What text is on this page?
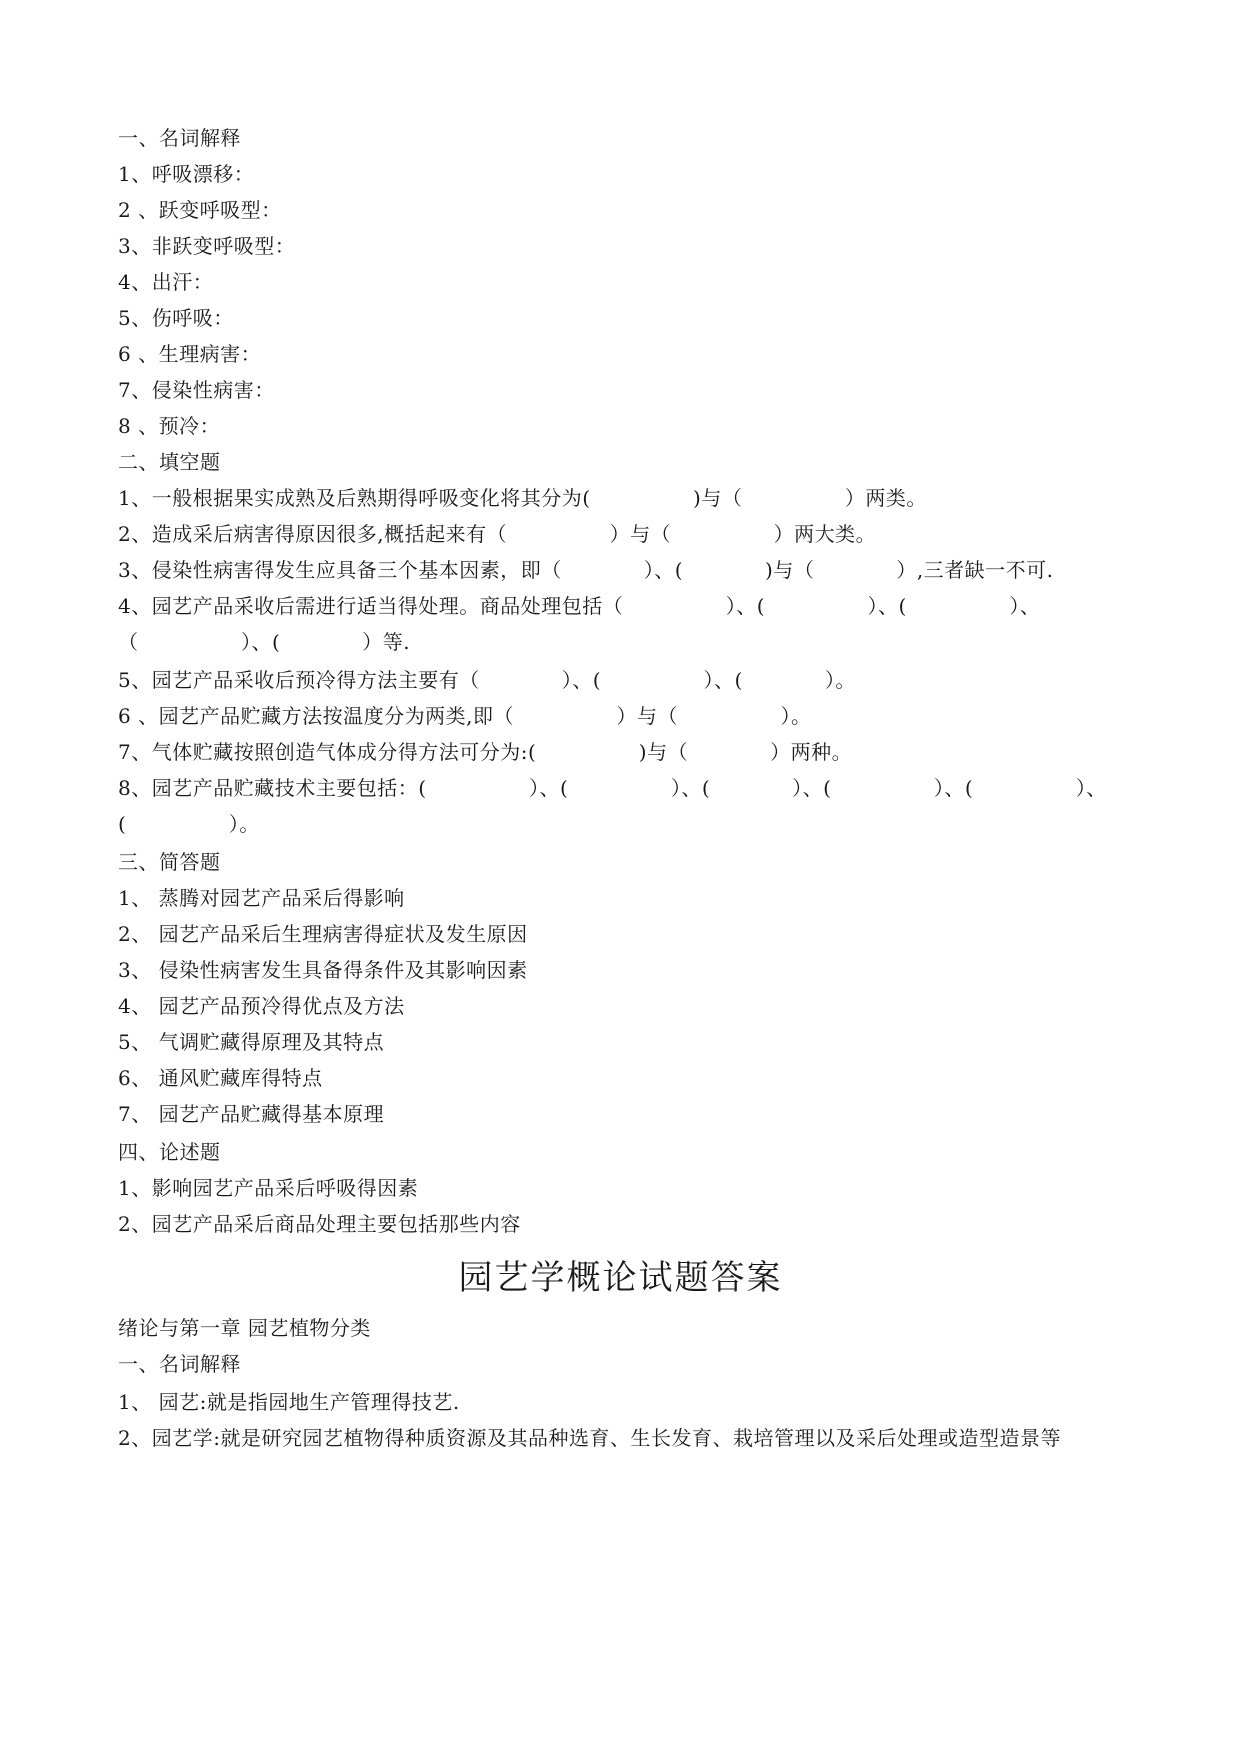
一、名词解释
1、呼吸漂移：
2 、跃变呼吸型：
3、非跃变呼吸型：
4、出汗：
5、伤呼吸：
6 、生理病害：
7、侵染性病害：
8 、预冷：
二、填空题
1、一般根据果实成熟及后熟期得呼吸变化将其分为(　　　　　)与（　　　　　）两类。
2、造成采后病害得原因很多,概括起来有（　　　　　）与（　　　　　）两大类。
3、侵染性病害得发生应具备三个基本因素，即（　　　　）、(　　　　)与（　　　　）,三者缺一不可.
4、园艺产品采收后需进行适当得处理。商品处理包括（　　　　　）、(　　　　　）、(　　　　　）、
（　　　　　）、(　　　　）等.
5、园艺产品采收后预冷得方法主要有（　　　　）、(　　　　　）、(　　　　）。
6 、园艺产品贮藏方法按温度分为两类,即（　　　　　）与（　　　　　）。
7、气体贮藏按照创造气体成分得方法可分为:(　　　　　)与（　　　　）两种。
8、园艺产品贮藏技术主要包括：(　　　　　）、(　　　　　）、(　　　　）、(　　　　　）、(　　　　　）、
(　　　　　）。
三、简答题
1、 蒸腾对园艺产品采后得影响
2、 园艺产品采后生理病害得症状及发生原因
3、 侵染性病害发生具备得条件及其影响因素
4、 园艺产品预冷得优点及方法
5、 气调贮藏得原理及其特点
6、 通风贮藏库得特点
7、 园艺产品贮藏得基本原理
四、论述题
1、影响园艺产品采后呼吸得因素
2、园艺产品采后商品处理主要包括那些内容
园艺学概论试题答案
绪论与第一章 园艺植物分类
一、名词解释
1、 园艺:就是指园地生产管理得技艺.
2、园艺学:就是研究园艺植物得种质资源及其品种选育、生长发育、栽培管理以及采后处理或造型造景等
